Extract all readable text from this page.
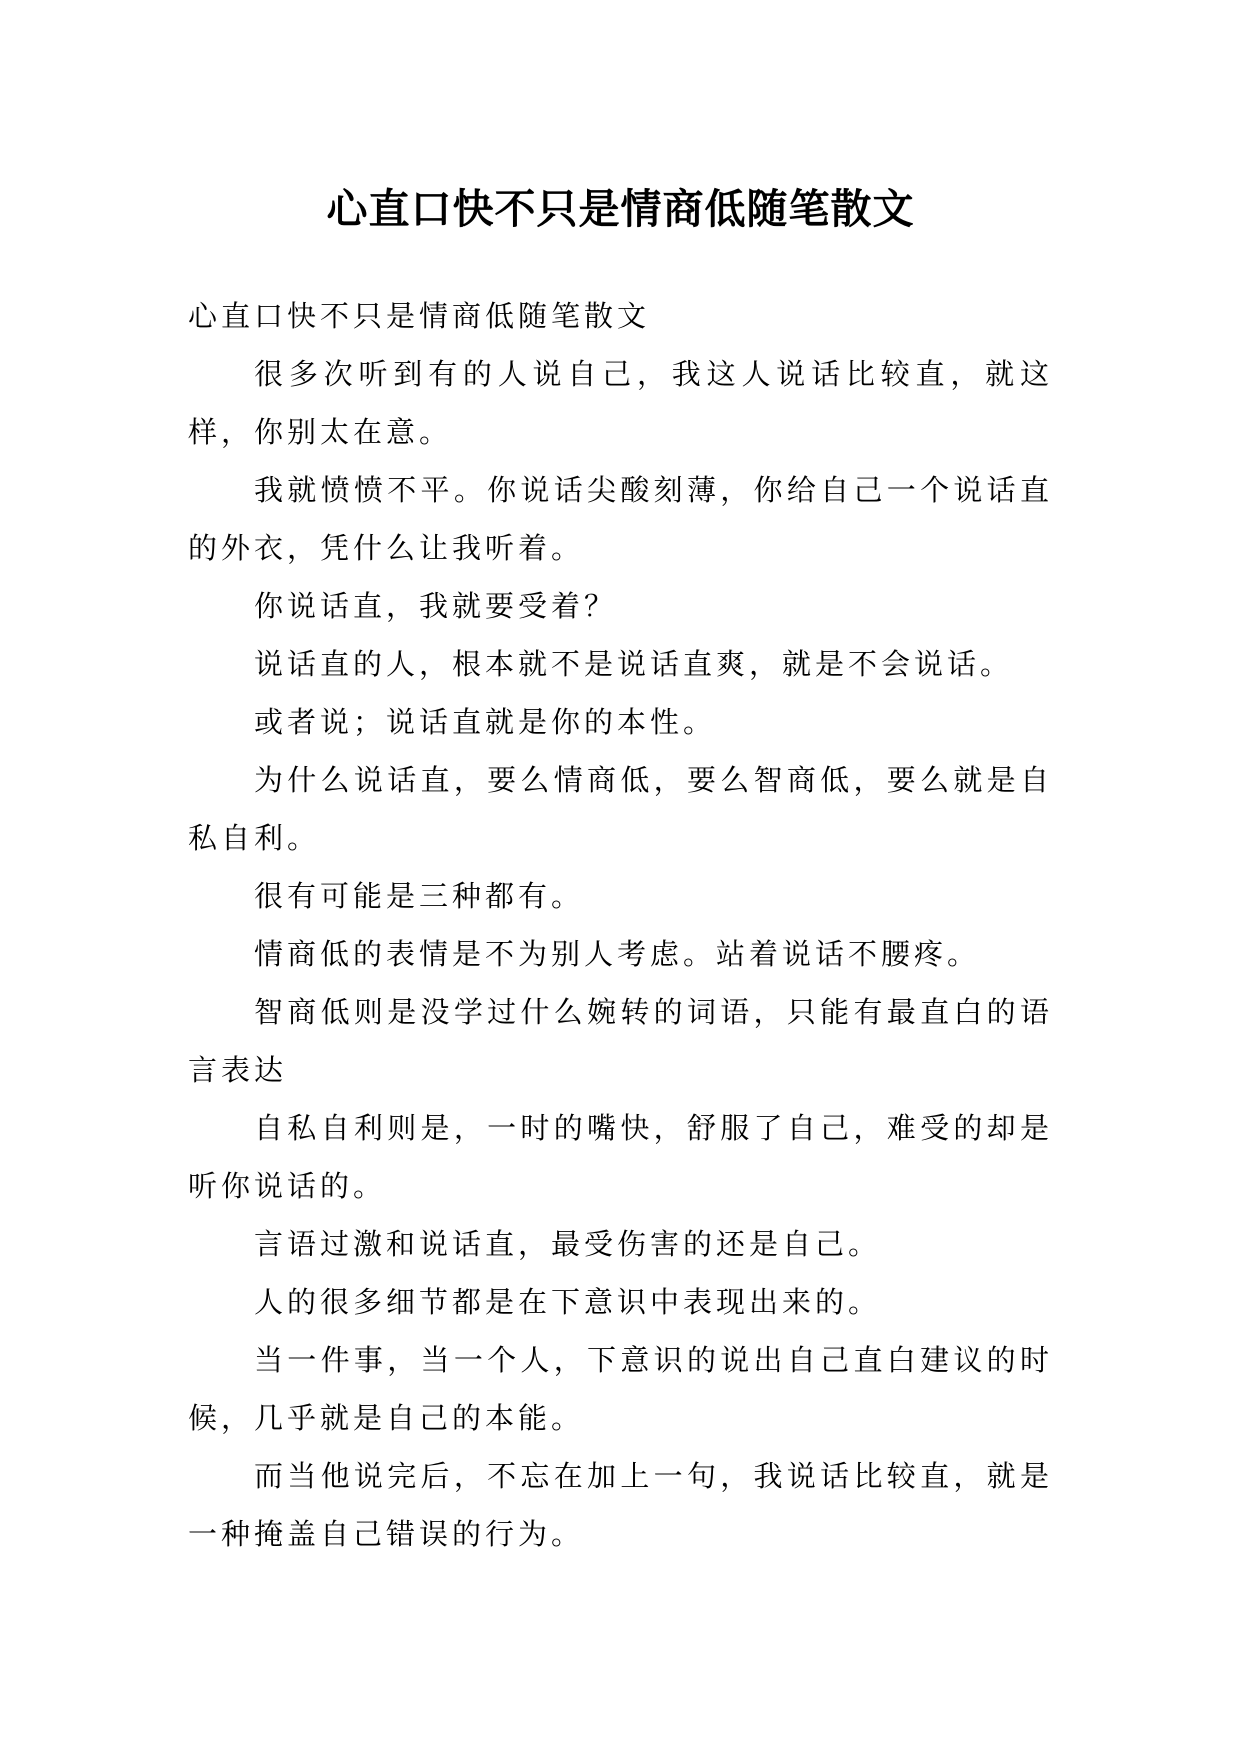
心直口快不只是情商低随笔散文

心直口快不只是情商低随笔散文

很多次听到有的人说自己，我这人说话比较直，就这样，你别太在意。

我就愤愤不平。你说话尖酸刻薄，你给自己一个说话直的外衣，凭什么让我听着。

你说话直，我就要受着？

说话直的人，根本就不是说话直爽，就是不会说话。

或者说；说话直就是你的本性。

为什么说话直，要么情商低，要么智商低，要么就是自私自利。

很有可能是三种都有。

情商低的表情是不为别人考虑。站着说话不腰疼。

智商低则是没学过什么婉转的词语，只能有最直白的语言表达

自私自利则是，一时的嘴快，舒服了自己，难受的却是听你说话的。

言语过激和说话直，最受伤害的还是自己。

人的很多细节都是在下意识中表现出来的。

当一件事，当一个人，下意识的说出自己直白建议的时候，几乎就是自己的本能。

而当他说完后，不忘在加上一句，我说话比较直，就是一种掩盖自己错误的行为。
